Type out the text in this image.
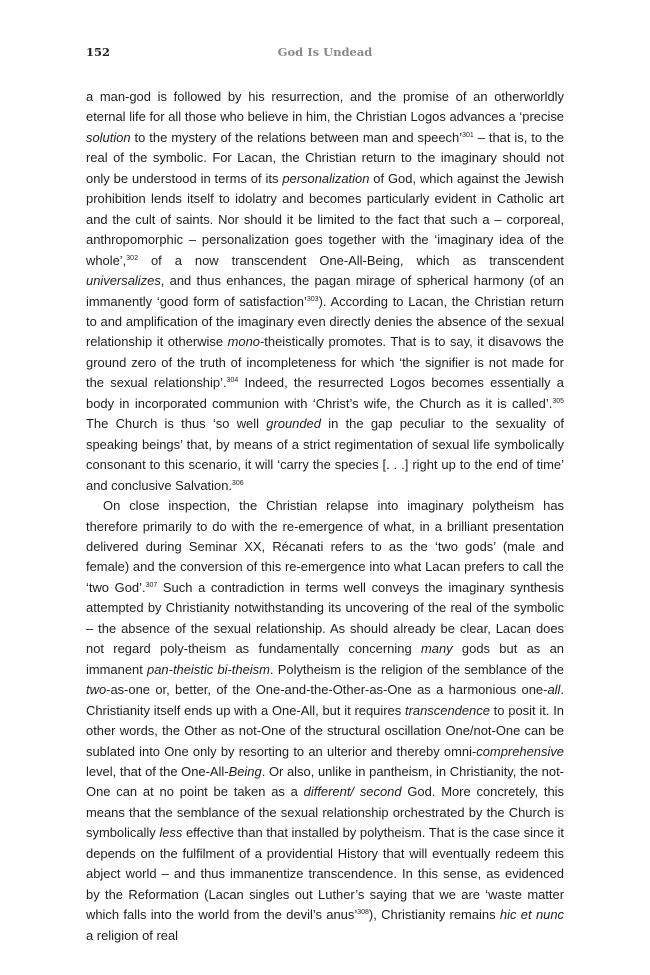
152	God Is Undead

a man-god is followed by his resurrection, and the promise of an otherworldly eternal life for all those who believe in him, the Christian Logos advances a ‘precise solution to the mystery of the relations between man and speech’$^{301}$ – that is, to the real of the symbolic. For Lacan, the Christian return to the imaginary should not only be understood in terms of its personalization of God, which against the Jewish prohibition lends itself to idolatry and becomes particularly evident in Catholic art and the cult of saints. Nor should it be limited to the fact that such a – corporeal, anthropomorphic – personalization goes together with the ‘imaginary idea of the whole’,$^{302}$ of a now transcendent One-All-Being, which as transcendent universalizes, and thus enhances, the pagan mirage of spherical harmony (of an immanently ‘good form of satisfaction’$^{303}$). According to Lacan, the Christian return to and amplification of the imaginary even directly denies the absence of the sexual relationship it otherwise mono-theistically promotes. That is to say, it disavows the ground zero of the truth of incompleteness for which ‘the signifier is not made for the sexual relationship’.$^{304}$ Indeed, the resurrected Logos becomes essentially a body in incorporated communion with ‘Christ’s wife, the Church as it is called’.$^{305}$ The Church is thus ‘so well grounded in the gap peculiar to the sexuality of speaking beings’ that, by means of a strict regimentation of sexual life symbolically consonant to this scenario, it will ‘carry the species [. . .] right up to the end of time’ and conclusive Salvation.$^{306}$

On close inspection, the Christian relapse into imaginary polytheism has therefore primarily to do with the re-emergence of what, in a brilliant presentation delivered during Seminar XX, Récanati refers to as the ‘two gods’ (male and female) and the conversion of this re-emergence into what Lacan prefers to call the ‘two God’.$^{307}$ Such a contradiction in terms well conveys the imaginary synthesis attempted by Christianity notwithstanding its uncovering of the real of the symbolic – the absence of the sexual relationship. As should already be clear, Lacan does not regard poly-theism as fundamentally concerning many gods but as an immanent pan-theistic bi-theism. Polytheism is the religion of the semblance of the two-as-one or, better, of the One-and-the-Other-as-One as a harmonious one-all. Christianity itself ends up with a One-All, but it requires transcendence to posit it. In other words, the Other as not-One of the structural oscillation One/not-One can be sublated into One only by resorting to an ulterior and thereby omni-comprehensive level, that of the One-All-Being. Or also, unlike in pantheism, in Christianity, the not-One can at no point be taken as a different/ second God. More concretely, this means that the semblance of the sexual relationship orchestrated by the Church is symbolically less effective than that installed by polytheism. That is the case since it depends on the fulfilment of a providential History that will eventually redeem this abject world – and thus immanentize transcendence. In this sense, as evidenced by the Reformation (Lacan singles out Luther’s saying that we are ‘waste matter which falls into the world from the devil’s anus’$^{308}$), Christianity remains hic et nunc a religion of real
